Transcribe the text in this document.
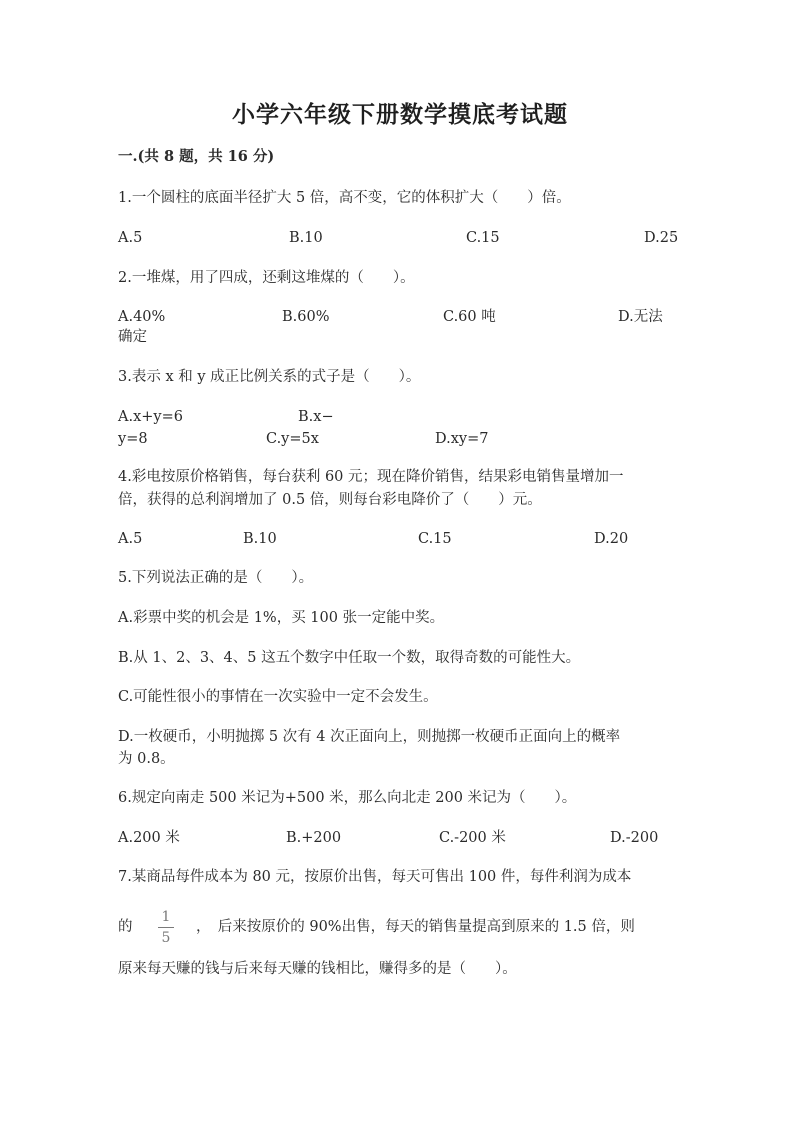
小学六年级下册数学摸底考试题
一.(共 8 题，共 16 分)
1.一个圆柱的底面半径扩大 5 倍，高不变，它的体积扩大（　　）倍。
A.5	B.10	C.15	D.25
2.一堆煤，用了四成，还剩这堆煤的（　　）。
A.40%	B.60%	C.60 吨	D.无法
确定
3.表示 x 和 y 成正比例关系的式子是（　　）。
A.x+y=6	B.x−
y=8	C.y=5x	D.xy=7
4.彩电按原价格销售，每台获利 60 元；现在降价销售，结果彩电销售量增加一
倍，获得的总利润增加了 0.5 倍，则每台彩电降价了（　　）元。
A.5	B.10	C.15	D.20
5.下列说法正确的是（　　）。
A.彩票中奖的机会是 1%，买 100 张一定能中奖。
B.从 1、2、3、4、5 这五个数字中任取一个数，取得奇数的可能性大。
C.可能性很小的事情在一次实验中一定不会发生。
D.一枚硬币，小明抛掷 5 次有 4 次正面向上，则抛掷一枚硬币正面向上的概率
为 0.8。
6.规定向南走 500 米记为+500 米，那么向北走 200 米记为（　　）。
A.200 米	B.+200	C.-200 米	D.-200
7.某商品每件成本为 80 元，按原价出售，每天可售出 100 件，每件利润为成本
的
1
5
，　后来按原价的 90%出售，每天的销售量提高到原来的 1.5 倍，则
原来每天赚的钱与后来每天赚的钱相比，赚得多的是（　　）。
